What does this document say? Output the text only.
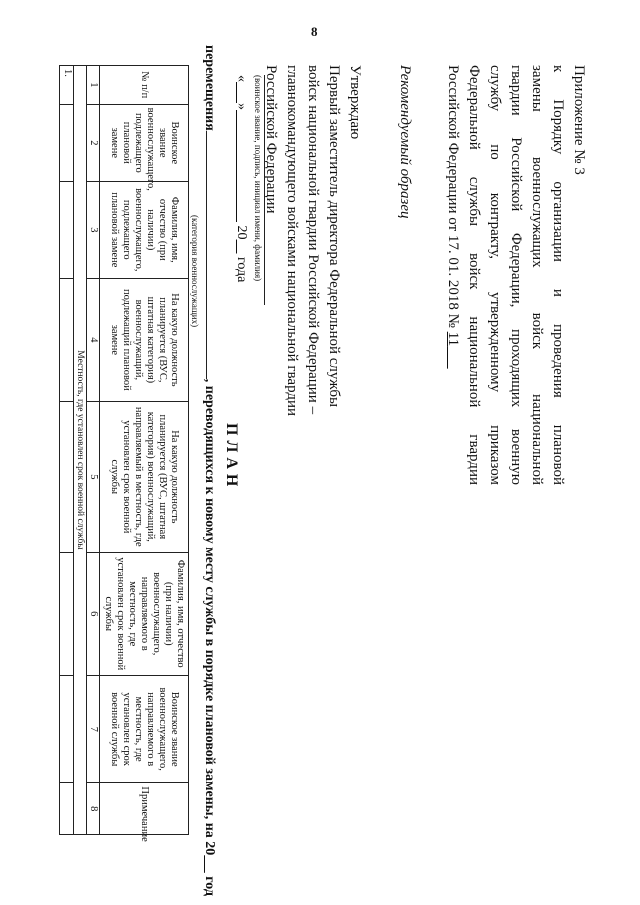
8
Приложение № 3
к Порядку организации и проведения плановой
замены военнослужащих войск национальной
гвардии Российской Федерации, проходящих военную
службу по контракту, утвержденному приказом
Федеральной службы войск национальной гвардии
Российской Федерации от 17. 01. 2018 № 11
Рекомендуемый образец
Утверждаю
Первый заместитель директора Федеральной службы
войск национальной гвардии Российской Федерации –
главнокомандующего войсками национальной гвардии
Российской Федерации
(воинское звание, подпись, инициал имени, фамилия)
«      »                                 20     года
ПЛАН
перемещения, переводящихся к новому месту службы в порядке плановой замены, на 20      год
(категория военнослужащих)
№ п/п	Воинское звание военнослужащего, подлежащего плановой замене	Фамилия, имя, отчество (при наличии) военнослужащего, подлежащего плановой замене	На какую должность планируется (ВУС, штатная категория) военнослужащий, подлежащий плановой замене	На какую должность планируется (ВУС, штатная категория) военнослужащий, направляемый в местность, где установлен срок военной службы	Фамилия, имя, отчество (при наличии) военнослужащего, направляемого в местность, где установлен срок военной службы	Воинское звание военнослужащего, направляемого в местность, где установлен срок военной службы	Примечание
1	2	3	4	5	6	7	8
Местность, где установлен срок военной службы							
1.							
